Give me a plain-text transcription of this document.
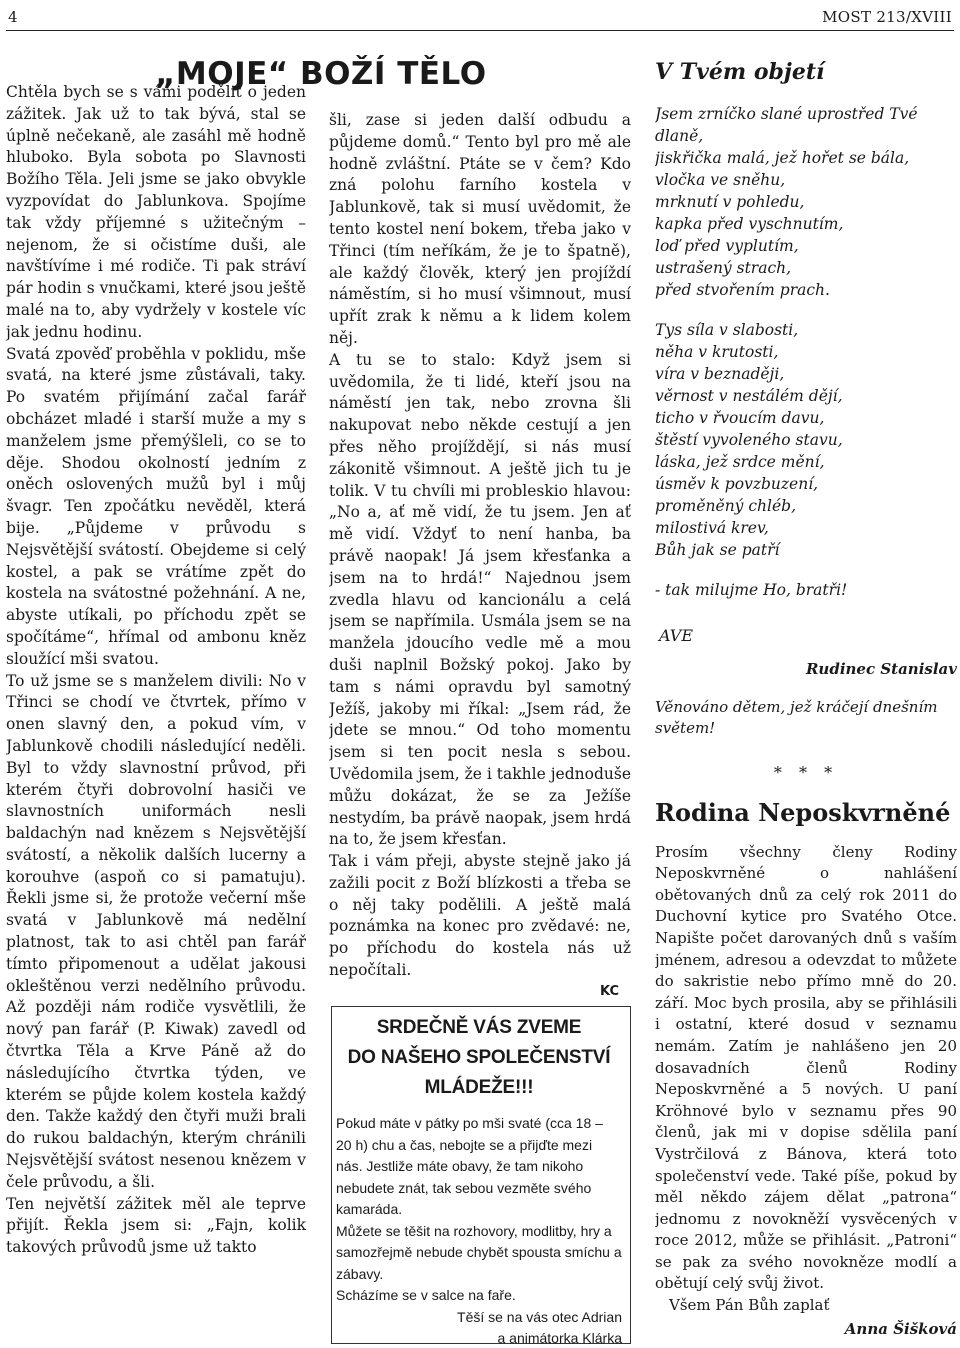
4	MOST 213/XVIII
„MOJE“ BOŽÍ TĚLO

Chtěla bych se s vámi podělit o jeden zážitek. Jak už to tak bývá, stal se úplně nečekaně, ale zasáhl mě hodně hluboko. Byla sobota po Slavnosti Božího Těla. Jeli jsme se jako obvykle vyzpovídat do Jablunkova. Spojíme tak vždy příjemné s užitečným – nejenom, že si očistíme duši, ale navštívíme i mé rodiče. Ti pak stráví pár hodin s vnučkami, které jsou ještě malé na to, aby vydržely v kostele víc jak jednu hodinu.

Svatá zpověď proběhla v poklidu, mše svatá, na které jsme zůstávali, taky. Po svatém přijímání začal farář obcházet mladé i starší muže a my s manželem jsme přemýšleli, co se to děje. Shodou okolností jedním z oněch oslovených mužů byl i můj švagr. Ten zpočátku nevěděl, která bije. „Půjdeme v průvodu s Nejsvětější svátostí. Obejdeme si celý kostel, a pak se vrátíme zpět do kostela na svátostné požehnání. A ne, abyste utíkali, po příchodu zpět se spočítáme“, hřímal od ambonu kněz sloužící mši svatou.

To už jsme se s manželem divili: No v Třinci se chodí ve čtvrtek, přímo v onen slavný den, a pokud vím, v Jablunkově chodili následující neděli. Byl to vždy slavnostní průvod, při kterém čtyři dobrovolní hasiči ve slavnostních uniformách nesli baldachýn nad knězem s Nejsvětější svátostí, a několik dalších lucerny a korouhve (aspoň co si pamatuju). Řekli jsme si, že protože večerní mše svatá v Jablunkově má nedělní platnost, tak to asi chtěl pan farář tímto připomenout a udělat jakousi okleštěnou verzi nedělního průvodu. Až později nám rodiče vysvětlili, že nový pan farář (P. Kiwak) zavedl od čtvrtka Těla a Krve Páně až do následujícího čtvrtka týden, ve kterém se půjde kolem kostela každý den. Takže každý den čtyři muži brali do rukou baldachýn, kterým chránili Nejsvětější svátost nesenou knězem v čele průvodu, a šli.

Ten největší zážitek měl ale teprve přijít. Řekla jsem si: „Fajn, kolik takových průvodů jsme už takto

šli, zase si jeden další odbudu a půjdeme domů.“ Tento byl pro mě ale hodně zvláštní. Ptáte se v čem? Kdo zná polohu farního kostela v Jablunkově, tak si musí uvědomit, že tento kostel není bokem, třeba jako v Třinci (tím neříkám, že je to špatně), ale každý člověk, který jen projíždí náměstím, si ho musí všimnout, musí upřít zrak k němu a k lidem kolem něj.

A tu se to stalo: Když jsem si uvědomila, že ti lidé, kteří jsou na náměstí jen tak, nebo zrovna šli nakupovat nebo někde cestují a jen přes něho projíždějí, si nás musí zákonitě všimnout. A ještě jich tu je tolik. V tu chvíli mi probleskio hlavou: „No a, ať mě vidí, že tu jsem. Jen ať mě vidí. Vždyť to není hanba, ba právě naopak! Já jsem křesťanka a jsem na to hrdá!“ Najednou jsem zvedla hlavu od kancionálu a celá jsem se napřímila. Usmála jsem se na manžela jdoucího vedle mě a mou duši naplnil Božský pokoj. Jako by tam s námi opravdu byl samotný Ježíš, jakoby mi říkal: „Jsem rád, že jdete se mnou.“ Od toho momentu jsem si ten pocit nesla s sebou. Uvědomila jsem, že i takhle jednoduše můžu dokázat, že se za Ježíše nestydím, ba právě naopak, jsem hrdá na to, že jsem křesťan.

Tak i vám přeji, abyste stejně jako já zažili pocit z Boží blízkosti a třeba se o něj taky podělili. A ještě malá poznámka na konec pro zvědavé: ne, po příchodu do kostela nás už nepočítali.

KC
SRDEČNĚ VÁS ZVEME
DO NAŠEHO SPOLEČENSTVÍ
MLÁDEŽE!!!

Pokud máte v pátky po mši svaté (cca 18 – 20 h) chu a čas, nebojte se a přijďte mezi nás. Jestliže máte obavy, že tam nikoho nebudete znát, tak sebou vezměte svého kamaráda.

Můžete se těšit na rozhovory, modlitby, hry a samozřejmě nebude chybět spousta smíchu a zábavy.

Scházíme se v salce na faře.

Těší se na vás otec Adrian
a animátorka Klárka
V Tvém objetí

Jsem zrníčko slané uprostřed Tvé dlaně,

jiskřička malá, jež hořet se bála,

vločka ve sněhu,

mrknutí v pohledu,

kapka před vyschnutím,

loď před vyplutím,

ustrašený strach,

před stvořením prach.

Tys síla v slabosti,

něha v krutosti,

víra v beznaději,

věrnost v nestálém dějí,

ticho v řvoucím davu,

štěstí vyvoleného stavu,

láska, jež srdce mění,

úsměv k povzbuzení,

proměněný chléb,

milostivá krev,

Bůh jak se patří

- tak milujme Ho, bratři!

AVE

Rudinec Stanislav
Věnováno dětem, jež kráčejí dnešním světem!
* * *
Rodina Neposkvrněné

Prosím všechny členy Rodiny Neposkvrněné o nahlášení obětovaných dnů za celý rok 2011 do Duchovní kytice pro Svatého Otce. Napište počet darovaných dnů s vaším jménem, adresou a odevzdat to můžete do sakristie nebo přímo mně do 20. září. Moc bych prosila, aby se přihlásili i ostatní, které dosud v seznamu nemám. Zatím je nahlášeno jen 20 dosavadních členů Rodiny Neposkvrněné a 5 nových. U paní Kröhnové bylo v seznamu přes 90 členů, jak mi v dopise sdělila paní Vystrčilová z Bánova, která toto společenství vede. Také píše, pokud by měl někdo zájem dělat „patrona“ jednomu z novokněží vysvěcených v roce 2012, může se přihlásit. „Patroni“ se pak za svého novokněze modlí a obětují celý svůj život.

Všem Pán Bůh zaplať

Anna Šišková
